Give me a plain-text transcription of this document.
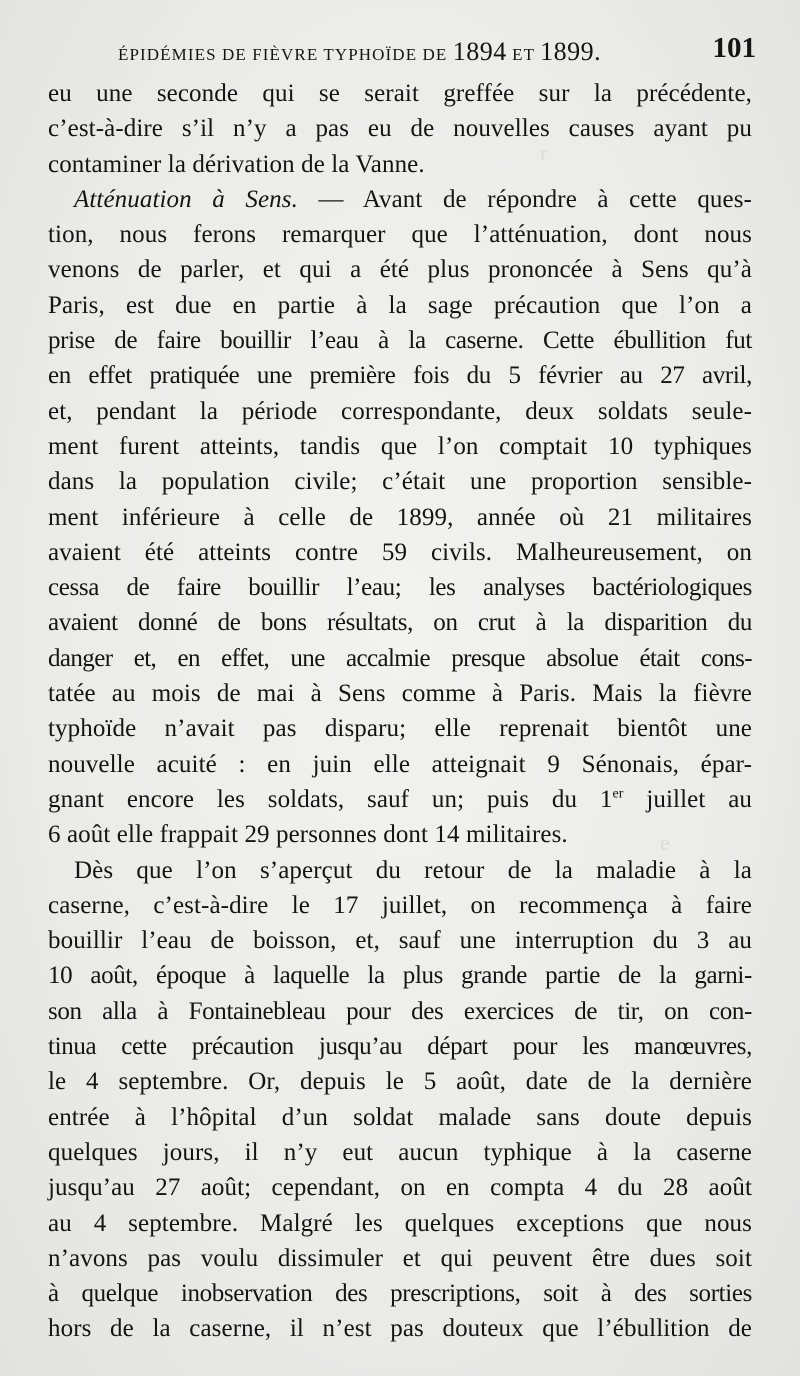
r
e
ÉPIDÉMIES DE FIÈVRE TYPHOÏDE DE 1894 ET 1899.	101
eu une seconde qui se serait greffée sur la précédente,
c’est-à-dire s’il n’y a pas eu de nouvelles causes ayant pu
contaminer la dérivation de la Vanne.
Atténuation à Sens. — Avant de répondre à cette ques-
tion, nous ferons remarquer que l’atténuation, dont nous
venons de parler, et qui a été plus prononcée à Sens qu’à
Paris, est due en partie à la sage précaution que l’on a
prise de faire bouillir l’eau à la caserne. Cette ébullition fut
en effet pratiquée une première fois du 5 février au 27 avril,
et, pendant la période correspondante, deux soldats seule-
ment furent atteints, tandis que l’on comptait 10 typhiques
dans la population civile; c’était une proportion sensible-
ment inférieure à celle de 1899, année où 21 militaires
avaient été atteints contre 59 civils. Malheureusement, on
cessa de faire bouillir l’eau; les analyses bactériologiques
avaient donné de bons résultats, on crut à la disparition du
danger et, en effet, une accalmie presque absolue était cons-
tatée au mois de mai à Sens comme à Paris. Mais la fièvre
typhoïde n’avait pas disparu; elle reprenait bientôt une
nouvelle acuité : en juin elle atteignait 9 Sénonais, épar-
gnant encore les soldats, sauf un; puis du 1er juillet au
6 août elle frappait 29 personnes dont 14 militaires.
Dès que l’on s’aperçut du retour de la maladie à la
caserne, c’est-à-dire le 17 juillet, on recommença à faire
bouillir l’eau de boisson, et, sauf une interruption du 3 au
10 août, époque à laquelle la plus grande partie de la garni-
son alla à Fontainebleau pour des exercices de tir, on con-
tinua cette précaution jusqu’au départ pour les manœuvres,
le 4 septembre. Or, depuis le 5 août, date de la dernière
entrée à l’hôpital d’un soldat malade sans doute depuis
quelques jours, il n’y eut aucun typhique à la caserne
jusqu’au 27 août; cependant, on en compta 4 du 28 août
au 4 septembre. Malgré les quelques exceptions que nous
n’avons pas voulu dissimuler et qui peuvent être dues soit
à quelque inobservation des prescriptions, soit à des sorties
hors de la caserne, il n’est pas douteux que l’ébullition de
